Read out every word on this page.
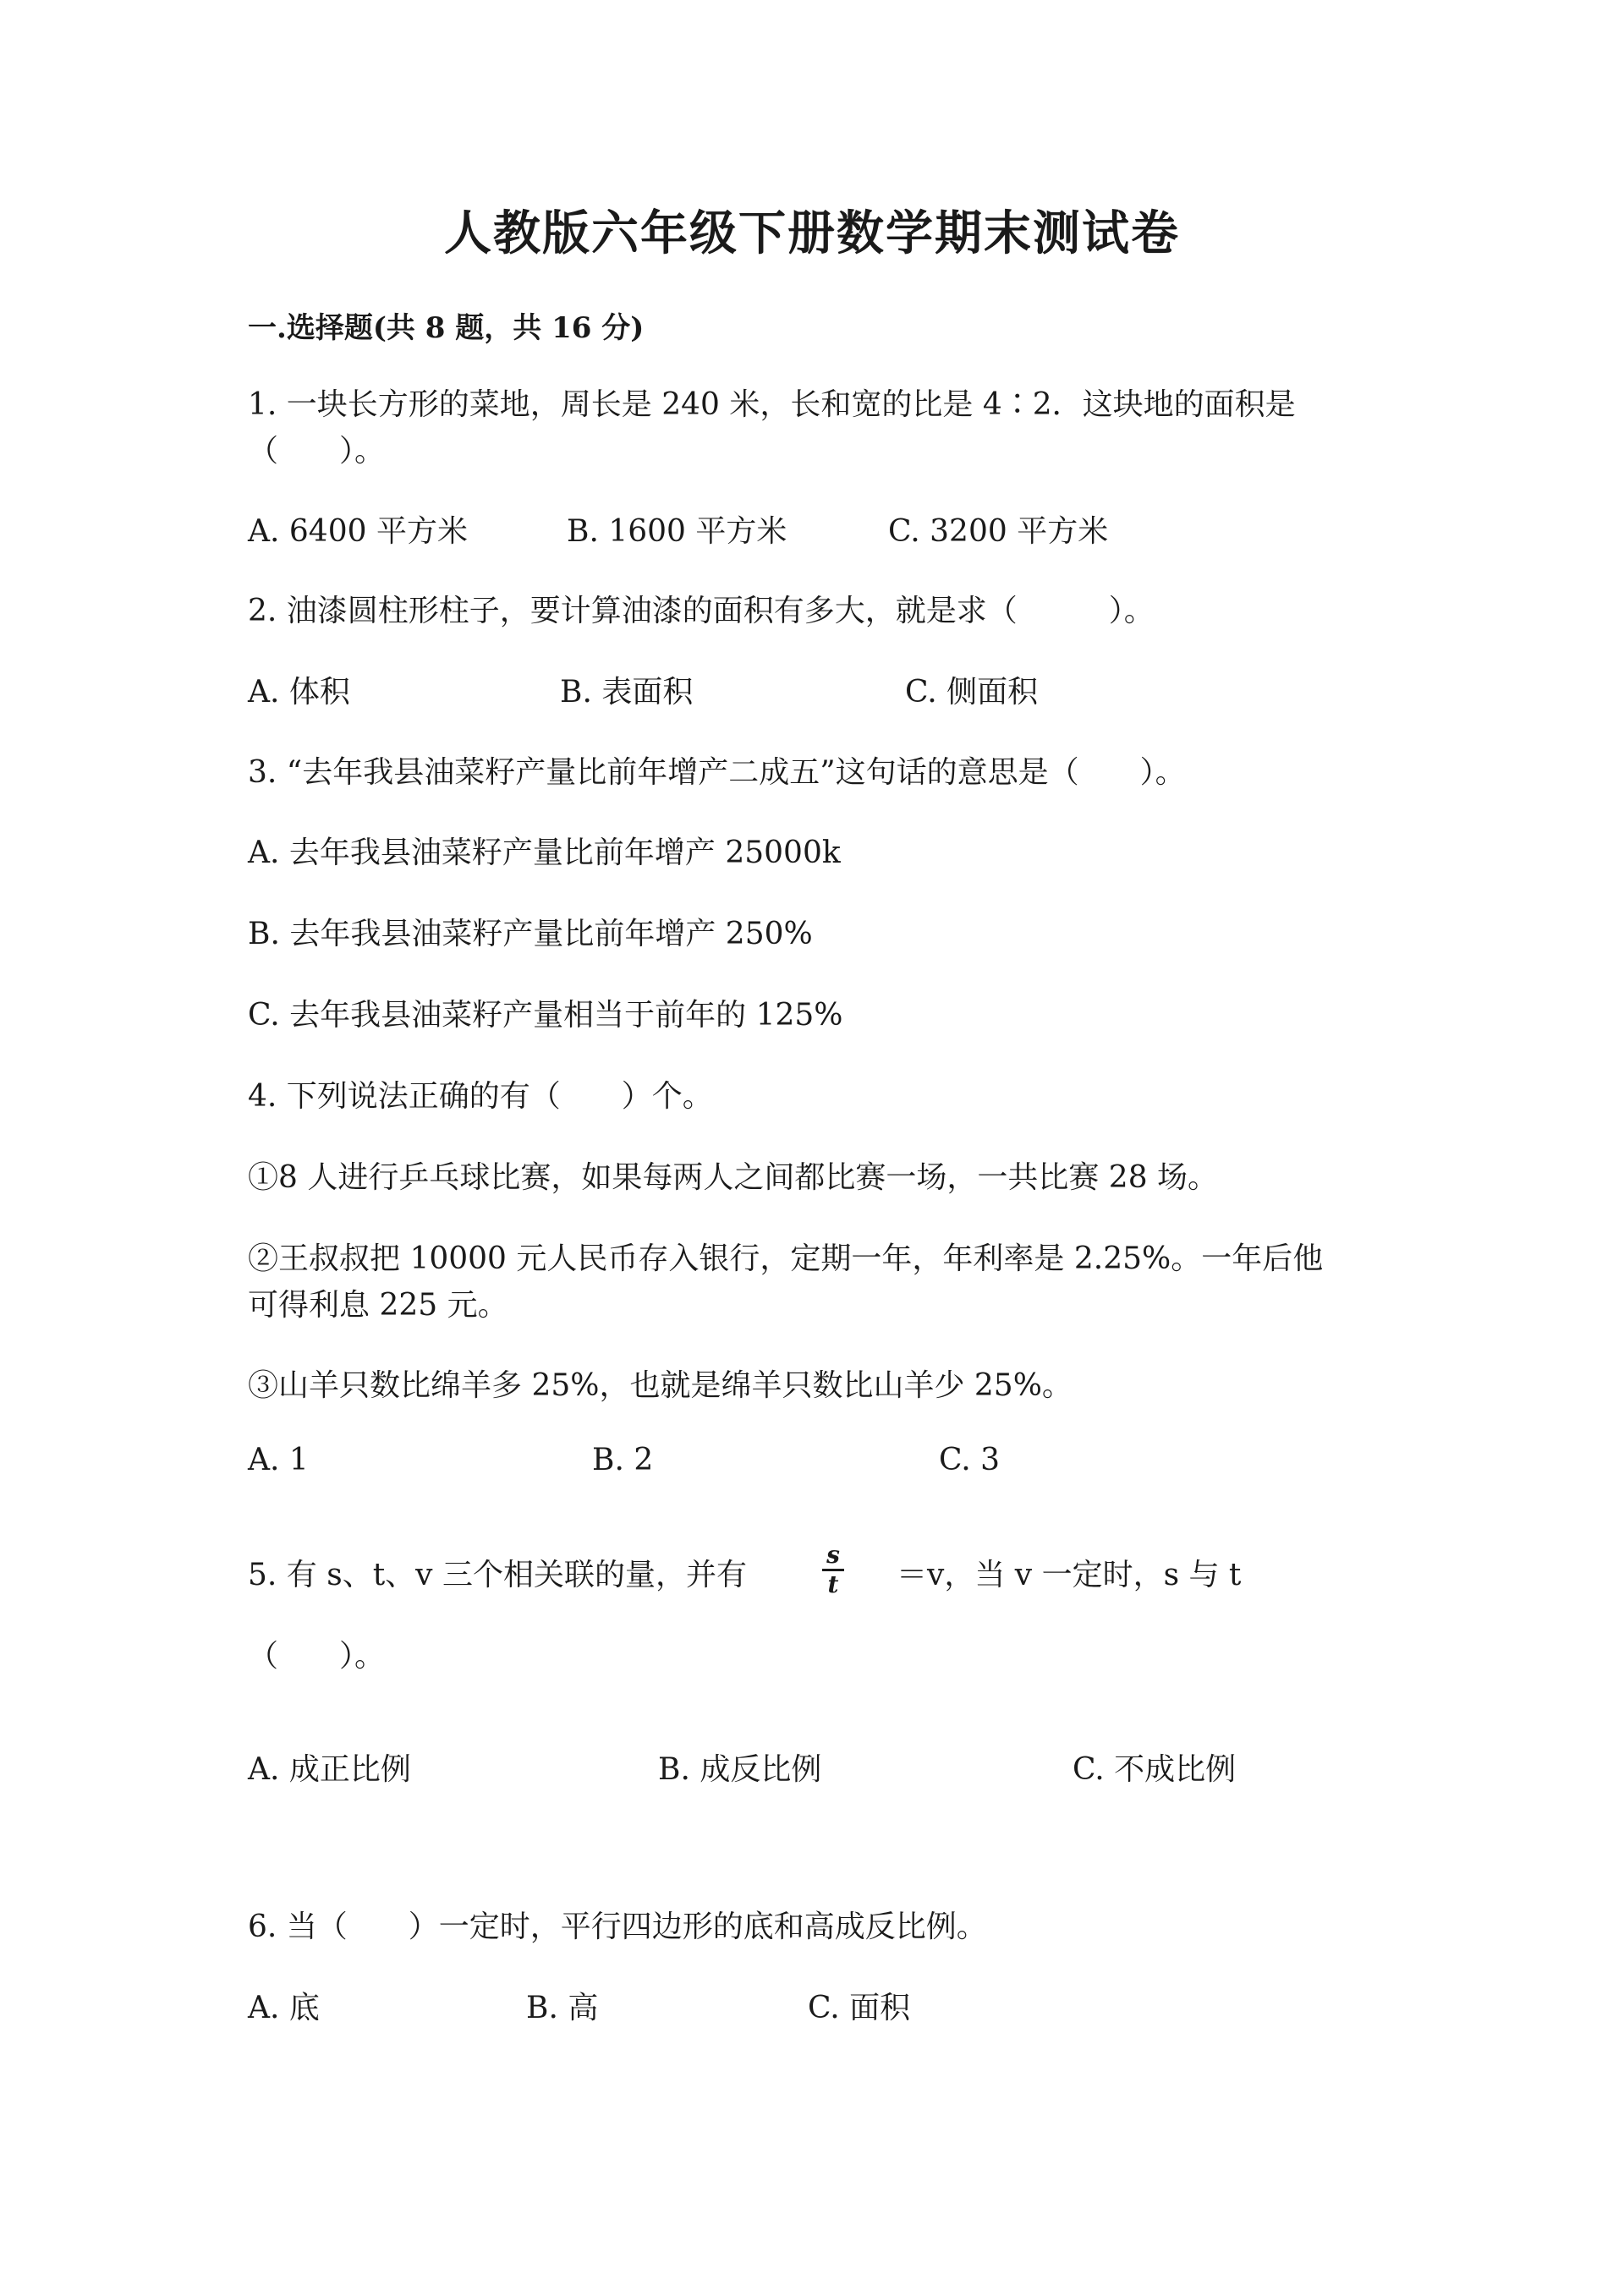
人教版六年级下册数学期末测试卷
一.选择题(共 8 题，共 16 分)
1. 一块长方形的菜地，周长是 240 米，长和宽的比是 4∶2．这块地的面积是
（　　）。
A. 6400 平方米	B. 1600 平方米	C. 3200 平方米
2. 油漆圆柱形柱子，要计算油漆的面积有多大，就是求（　　　）。
A. 体积	B. 表面积	C. 侧面积
3. “去年我县油菜籽产量比前年增产二成五”这句话的意思是（　　）。
A. 去年我县油菜籽产量比前年增产 25000k
B. 去年我县油菜籽产量比前年增产 250%
C. 去年我县油菜籽产量相当于前年的 125%
4. 下列说法正确的有（　　）个。
①8 人进行乒乓球比赛，如果每两人之间都比赛一场，一共比赛 28 场。
②王叔叔把 10000 元人民币存入银行，定期一年，年利率是 2.25%。一年后他
可得利息 225 元。
③山羊只数比绵羊多 25%，也就是绵羊只数比山羊少 25%。
A. 1	B. 2	C. 3
5. 有 s、t、v 三个相关联的量，并有
s
t ＝v，当 v 一定时，s 与 t
（　　）。
A. 成正比例	B. 成反比例	C. 不成比例
6. 当（　　）一定时，平行四边形的底和高成反比例。
A. 底	B. 高	C. 面积
